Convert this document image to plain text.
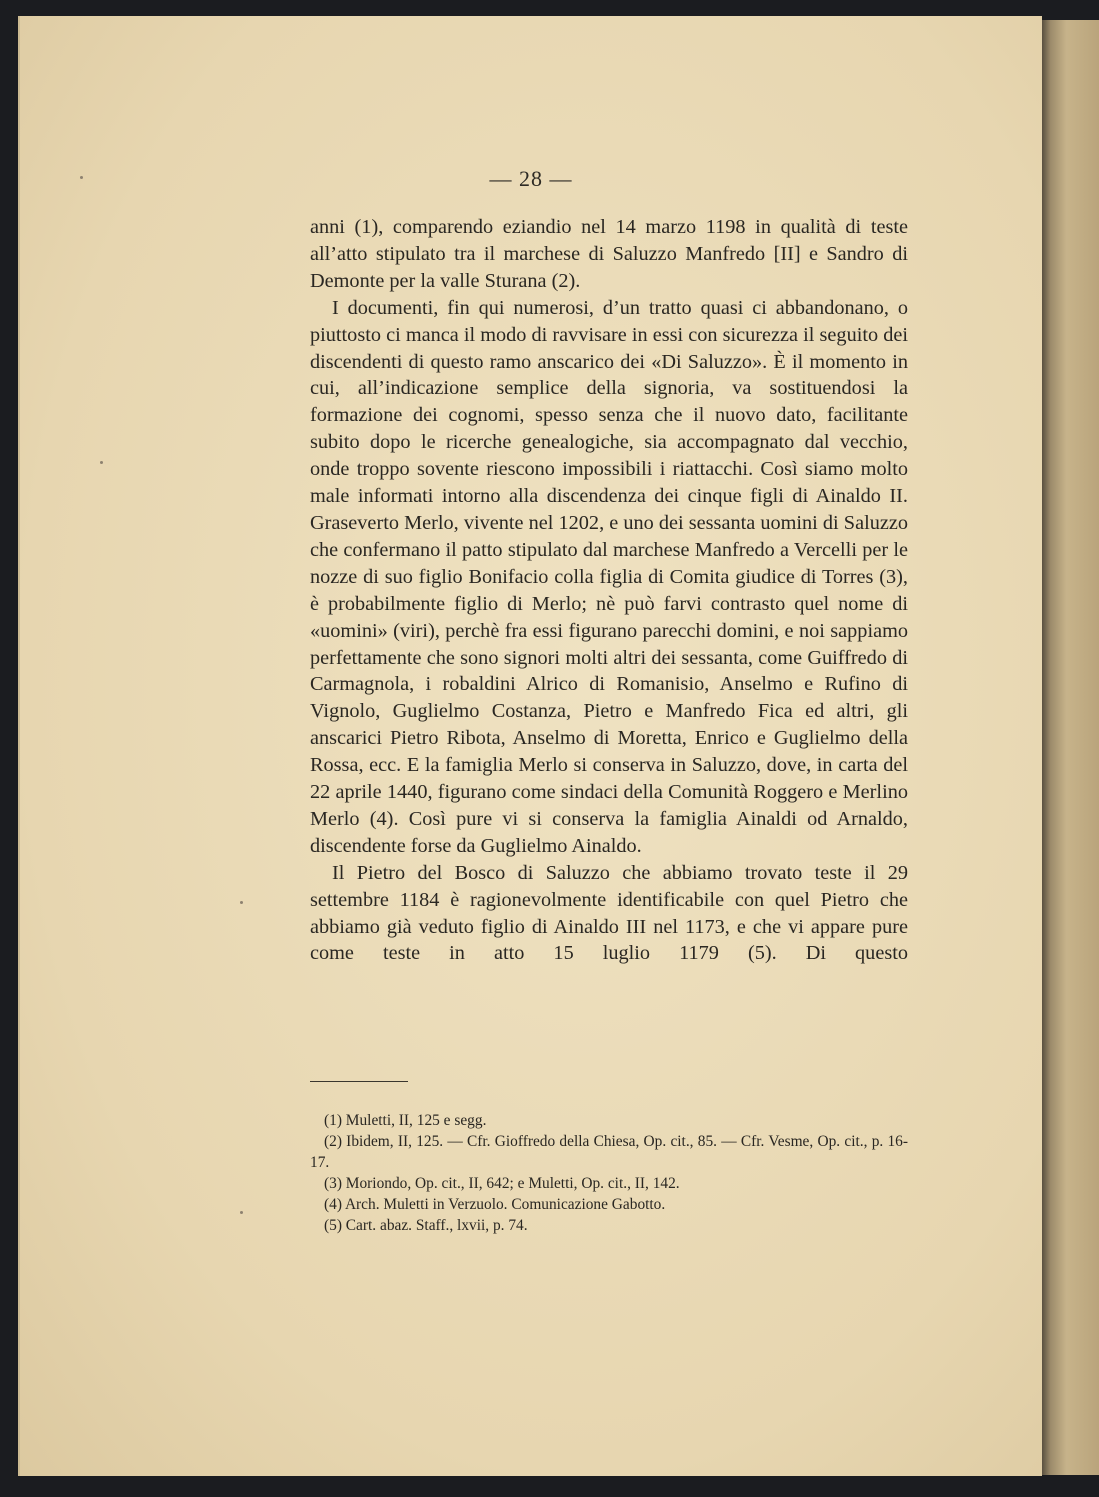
— 28 —

anni (1), comparendo eziandio nel 14 marzo 1198 in qualità di teste all’atto stipulato tra il marchese di Saluzzo Manfredo [II] e Sandro di Demonte per la valle Sturana (2).

I documenti, fin qui numerosi, d’un tratto quasi ci abbandonano, o piuttosto ci manca il modo di ravvisare in essi con sicurezza il seguito dei discendenti di questo ramo anscarico dei «Di Saluzzo». È il momento in cui, all’indicazione semplice della signoria, va sostituendosi la formazione dei cognomi, spesso senza che il nuovo dato, facilitante subito dopo le ricerche genealogiche, sia accompagnato dal vecchio, onde troppo sovente riescono impossibili i riattacchi. Così siamo molto male informati intorno alla discendenza dei cinque figli di Ainaldo II. Graseverto Merlo, vivente nel 1202, e uno dei sessanta uomini di Saluzzo che confermano il patto stipulato dal marchese Manfredo a Vercelli per le nozze di suo figlio Bonifacio colla figlia di Comita giudice di Torres (3), è probabilmente figlio di Merlo; nè può farvi contrasto quel nome di «uomini» (viri), perchè fra essi figurano parecchi domini, e noi sappiamo perfettamente che sono signori molti altri dei sessanta, come Guiffredo di Carmagnola, i robaldini Alrico di Romanisio, Anselmo e Rufino di Vignolo, Guglielmo Costanza, Pietro e Manfredo Fica ed altri, gli anscarici Pietro Ribota, Anselmo di Moretta, Enrico e Guglielmo della Rossa, ecc. E la famiglia Merlo si conserva in Saluzzo, dove, in carta del 22 aprile 1440, figurano come sindaci della Comunità Roggero e Merlino Merlo (4). Così pure vi si conserva la famiglia Ainaldi od Arnaldo, discendente forse da Guglielmo Ainaldo.

Il Pietro del Bosco di Saluzzo che abbiamo trovato teste il 29 settembre 1184 è ragionevolmente identificabile con quel Pietro che abbiamo già veduto figlio di Ainaldo III nel 1173, e che vi appare pure come teste in atto 15 luglio 1179 (5). Di questo

(1) Muletti, II, 125 e segg.

(2) Ibidem, II, 125. — Cfr. Gioffredo della Chiesa, Op. cit., 85. — Cfr. Vesme, Op. cit., p. 16-17.

(3) Moriondo, Op. cit., II, 642; e Muletti, Op. cit., II, 142.

(4) Arch. Muletti in Verzuolo. Comunicazione Gabotto.

(5) Cart. abaz. Staff., lxvii, p. 74.
